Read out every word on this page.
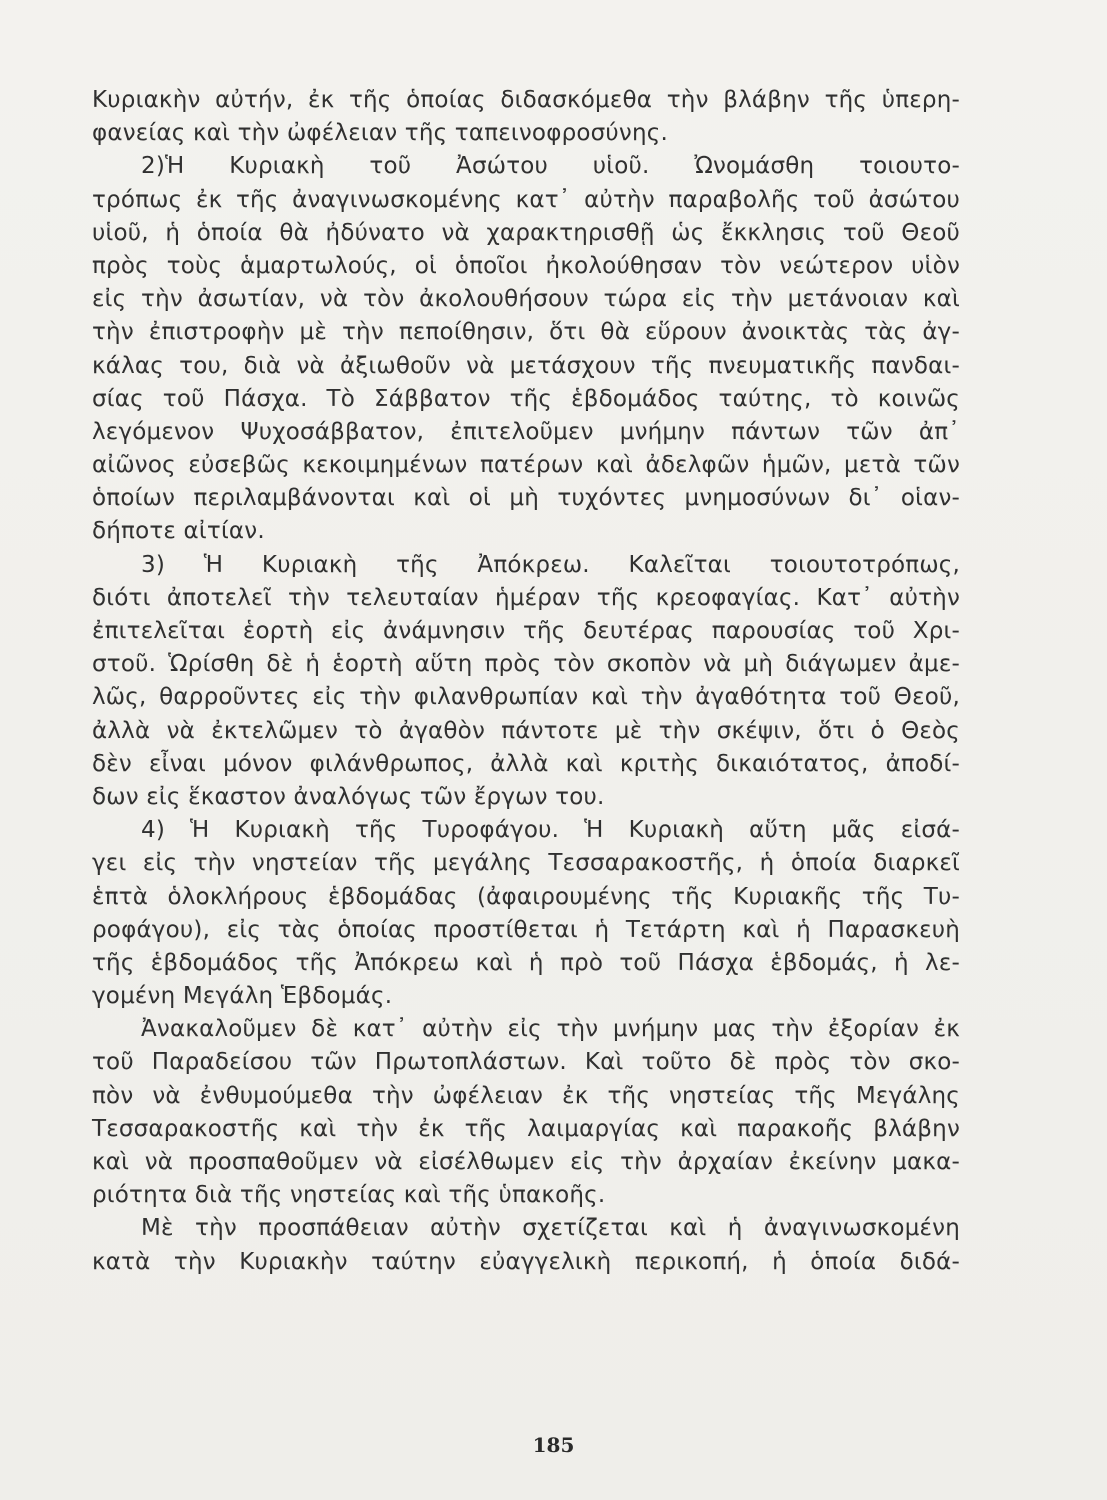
Κυριακὴν αὐτήν, ἐκ τῆς ὁποίας διδασκόμεθα τὴν βλάβην τῆς ὑπερη-
φανείας καὶ τὴν ὠφέλειαν τῆς ταπεινοφροσύνης.
2)Ἡ Κυριακὴ τοῦ Ἀσώτου υἱοῦ. Ὠνομάσθη τοιουτο-
τρόπως ἐκ τῆς ἀναγινωσκομένης κατ᾿ αὐτὴν παραβολῆς τοῦ ἀσώτου
υἱοῦ, ἡ ὁποία θὰ ἠδύνατο νὰ χαρακτηρισθῇ ὡς ἔκκλησις τοῦ Θεοῦ
πρὸς τοὺς ἁμαρτωλούς, οἱ ὁποῖοι ἠκολούθησαν τὸν νεώτερον υἱὸν
εἰς τὴν ἀσωτίαν, νὰ τὸν ἀκολουθήσουν τώρα εἰς τὴν μετάνοιαν καὶ
τὴν ἐπιστροφὴν μὲ τὴν πεποίθησιν, ὅτι θὰ εὕρουν ἀνοικτὰς τὰς ἀγ-
κάλας του, διὰ νὰ ἀξιωθοῦν νὰ μετάσχουν τῆς πνευματικῆς πανδαι-
σίας τοῦ Πάσχα. Τὸ Σάββατον τῆς ἑβδομάδος ταύτης, τὸ κοινῶς
λεγόμενον Ψυχοσάββατον, ἐπιτελοῦμεν μνήμην πάντων τῶν ἀπ᾿
αἰῶνος εὐσεβῶς κεκοιμημένων πατέρων καὶ ἀδελφῶν ἡμῶν, μετὰ τῶν
ὁποίων περιλαμβάνονται καὶ οἱ μὴ τυχόντες μνημοσύνων δι᾿ οἱαν-
δήποτε αἰτίαν.
3) Ἡ Κυριακὴ τῆς Ἀπόκρεω. Καλεῖται τοιουτοτρόπως,
διότι ἀποτελεῖ τὴν τελευταίαν ἡμέραν τῆς κρεοφαγίας. Κατ᾿ αὐτὴν
ἐπιτελεῖται ἑορτὴ εἰς ἀνάμνησιν τῆς δευτέρας παρουσίας τοῦ Χρι-
στοῦ. Ὡρίσθη δὲ ἡ ἑορτὴ αὕτη πρὸς τὸν σκοπὸν νὰ μὴ διάγωμεν ἀμε-
λῶς, θαρροῦντες εἰς τὴν φιλανθρωπίαν καὶ τὴν ἀγαθότητα τοῦ Θεοῦ,
ἀλλὰ νὰ ἐκτελῶμεν τὸ ἀγαθὸν πάντοτε μὲ τὴν σκέψιν, ὅτι ὁ Θεὸς
δὲν εἶναι μόνον φιλάνθρωπος, ἀλλὰ καὶ κριτὴς δικαιότατος, ἀποδί-
δων εἰς ἕκαστον ἀναλόγως τῶν ἔργων του.
4) Ἡ Κυριακὴ τῆς Τυροφάγου. Ἡ Κυριακὴ αὕτη μᾶς εἰσά-
γει εἰς τὴν νηστείαν τῆς μεγάλης Τεσσαρακοστῆς, ἡ ὁποία διαρκεῖ
ἑπτὰ ὁλοκλήρους ἑβδομάδας (ἀφαιρουμένης τῆς Κυριακῆς τῆς Τυ-
ροφάγου), εἰς τὰς ὁποίας προστίθεται ἡ Τετάρτη καὶ ἡ Παρασκευὴ
τῆς ἑβδομάδος τῆς Ἀπόκρεω καὶ ἡ πρὸ τοῦ Πάσχα ἑβδομάς, ἡ λε-
γομένη Μεγάλη Ἑβδομάς.
Ἀνακαλοῦμεν δὲ κατ᾿ αὐτὴν εἰς τὴν μνήμην μας τὴν ἐξορίαν ἐκ
τοῦ Παραδείσου τῶν Πρωτοπλάστων. Καὶ τοῦτο δὲ πρὸς τὸν σκο-
πὸν νὰ ἐνθυμούμεθα τὴν ὠφέλειαν ἐκ τῆς νηστείας τῆς Μεγάλης
Τεσσαρακοστῆς καὶ τὴν ἐκ τῆς λαιμαργίας καὶ παρακοῆς βλάβην
καὶ νὰ προσπαθοῦμεν νὰ εἰσέλθωμεν εἰς τὴν ἀρχαίαν ἐκείνην μακα-
ριότητα διὰ τῆς νηστείας καὶ τῆς ὑπακοῆς.
Μὲ τὴν προσπάθειαν αὐτὴν σχετίζεται καὶ ἡ ἀναγινωσκομένη
κατὰ τὴν Κυριακὴν ταύτην εὐαγγελικὴ περικοπή, ἡ ὁποία διδά-
185
